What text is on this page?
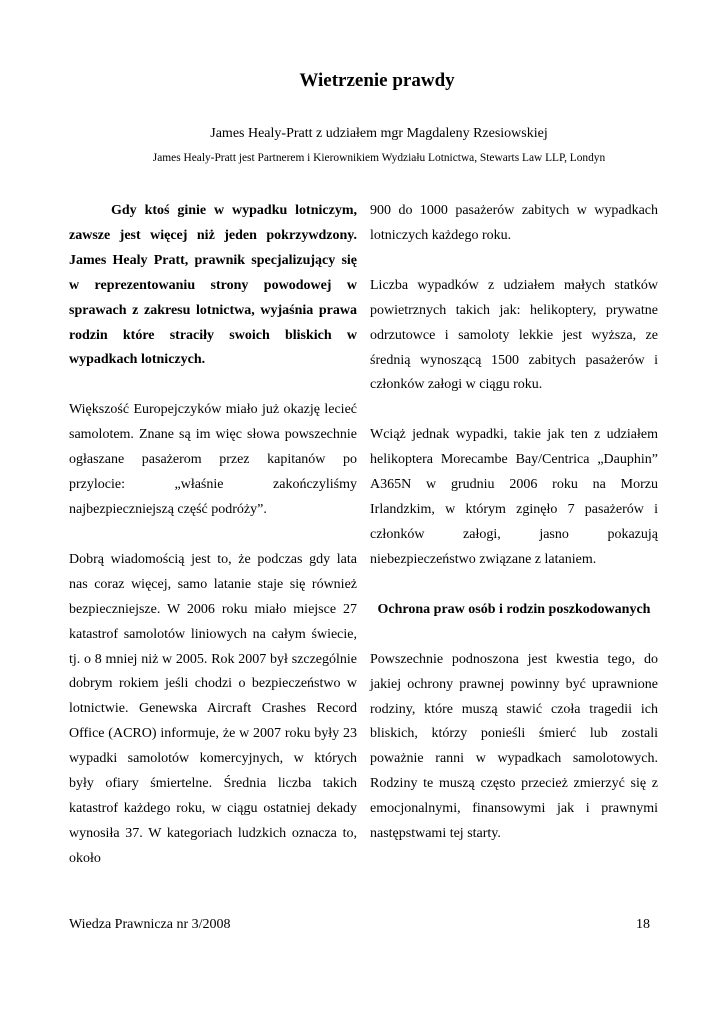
Wietrzenie prawdy
James Healy-Pratt z udziałem mgr Magdaleny Rzesiowskiej
James Healy-Pratt jest Partnerem i Kierownikiem Wydziału Lotnictwa, Stewarts Law LLP, Londyn

Gdy ktoś ginie w wypadku lotniczym, zawsze jest więcej niż jeden pokrzywdzony. James Healy Pratt, prawnik specjalizujący się w reprezentowaniu strony powodowej w sprawach z zakresu lotnictwa, wyjaśnia prawa rodzin które straciły swoich bliskich w wypadkach lotniczych.

Większość Europejczyków miało już okazję lecieć samolotem. Znane są im więc słowa powszechnie ogłaszane pasażerom przez kapitanów po przylocie: „właśnie zakończyliśmy najbezpieczniejszą część podróży”.

Dobrą wiadomością jest to, że podczas gdy lata nas coraz więcej, samo latanie staje się również bezpieczniejsze. W 2006 roku miało miejsce 27 katastrof samolotów liniowych na całym świecie, tj. o 8 mniej niż w 2005. Rok 2007 był szczególnie dobrym rokiem jeśli chodzi o bezpieczeństwo w lotnictwie. Genewska Aircraft Crashes Record Office (ACRO) informuje, że w 2007 roku były 23 wypadki samolotów komercyjnych, w których były ofiary śmiertelne. Średnia liczba takich katastrof każdego roku, w ciągu ostatniej dekady wynosiła 37. W kategoriach ludzkich oznacza to, około

900 do 1000 pasażerów zabitych w wypadkach lotniczych każdego roku.

Liczba wypadków z udziałem małych statków powietrznych takich jak: helikoptery, prywatne odrzutowce i samoloty lekkie jest wyższa, ze średnią wynoszącą 1500 zabitych pasażerów i członków załogi w ciągu roku.

Wciąż jednak wypadki, takie jak ten z udziałem helikoptera Morecambe Bay/Centrica „Dauphin” A365N w grudniu 2006 roku na Morzu Irlandzkim, w którym zginęło 7 pasażerów i członków załogi, jasno pokazują niebezpieczeństwo związane z lataniem.

Ochrona praw osób i rodzin poszkodowanych

Powszechnie podnoszona jest kwestia tego, do jakiej ochrony prawnej powinny być uprawnione rodziny, które muszą stawić czoła tragedii ich bliskich, którzy ponieśli śmierć lub zostali poważnie ranni w wypadkach samolotowych. Rodziny te muszą często przecież zmierzyć się z emocjonalnymi, finansowymi jak i prawnymi następstwami tej starty.

Wiedza Prawnicza nr 3/2008	18
